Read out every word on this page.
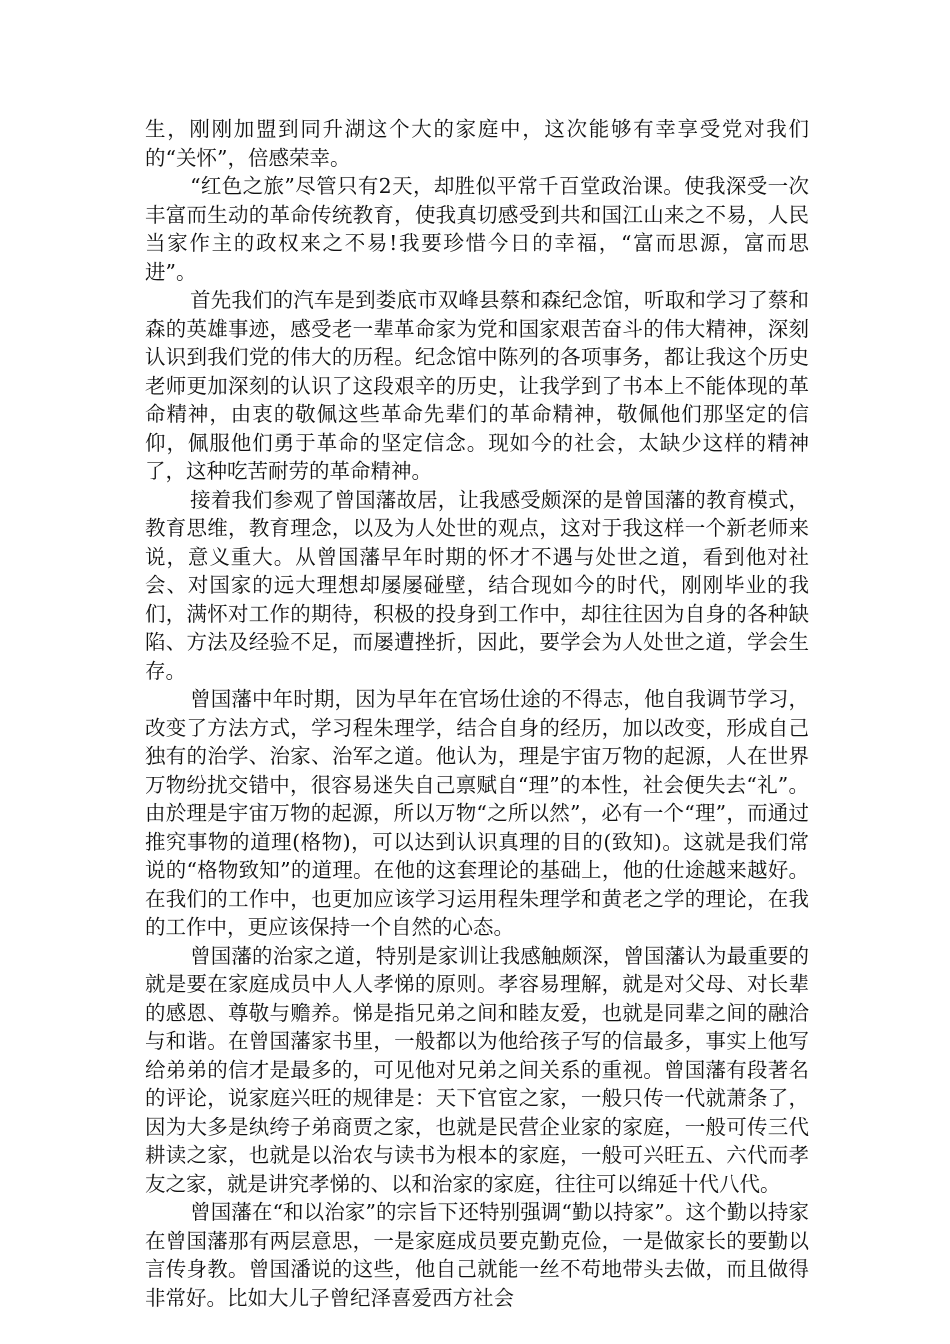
生，刚刚加盟到同升湖这个大的家庭中，这次能够有幸享受党对我们的“关怀”，倍感荣幸。

“红色之旅”尽管只有2天，却胜似平常千百堂政治课。使我深受一次丰富而生动的革命传统教育，使我真切感受到共和国江山来之不易，人民当家作主的政权来之不易!我要珍惜今日的幸福，“富而思源，富而思进”。

首先我们的汽车是到娄底市双峰县蔡和森纪念馆，听取和学习了蔡和森的英雄事迹，感受老一辈革命家为党和国家艰苦奋斗的伟大精神，深刻认识到我们党的伟大的历程。纪念馆中陈列的各项事务，都让我这个历史老师更加深刻的认识了这段艰辛的历史，让我学到了书本上不能体现的革命精神，由衷的敬佩这些革命先辈们的革命精神，敬佩他们那坚定的信仰，佩服他们勇于革命的坚定信念。现如今的社会，太缺少这样的精神了，这种吃苦耐劳的革命精神。

接着我们参观了曾国藩故居，让我感受颇深的是曾国藩的教育模式，教育思维，教育理念，以及为人处世的观点，这对于我这样一个新老师来说，意义重大。从曾国藩早年时期的怀才不遇与处世之道，看到他对社会、对国家的远大理想却屡屡碰壁，结合现如今的时代，刚刚毕业的我们，满怀对工作的期待，积极的投身到工作中，却往往因为自身的各种缺陷、方法及经验不足，而屡遭挫折，因此，要学会为人处世之道，学会生存。

曾国藩中年时期，因为早年在官场仕途的不得志，他自我调节学习，改变了方法方式，学习程朱理学，结合自身的经历，加以改变，形成自己独有的治学、治家、治军之道。他认为，理是宇宙万物的起源，人在世界万物纷扰交错中，很容易迷失自己禀赋自“理”的本性，社会便失去“礼”。由於理是宇宙万物的起源，所以万物“之所以然”，必有一个“理”，而通过推究事物的道理(格物)，可以达到认识真理的目的(致知)。这就是我们常说的“格物致知”的道理。在他的这套理论的基础上，他的仕途越来越好。在我们的工作中，也更加应该学习运用程朱理学和黄老之学的理论，在我的工作中，更应该保持一个自然的心态。

曾国藩的治家之道，特别是家训让我感触颇深，曾国藩认为最重要的就是要在家庭成员中人人孝悌的原则。孝容易理解，就是对父母、对长辈的感恩、尊敬与赡养。悌是指兄弟之间和睦友爱，也就是同辈之间的融洽与和谐。在曾国藩家书里，一般都以为他给孩子写的信最多，事实上他写给弟弟的信才是最多的，可见他对兄弟之间关系的重视。曾国藩有段著名的评论，说家庭兴旺的规律是：天下官宦之家，一般只传一代就萧条了，因为大多是纨绔子弟商贾之家，也就是民营企业家的家庭，一般可传三代耕读之家，也就是以治农与读书为根本的家庭，一般可兴旺五、六代而孝友之家，就是讲究孝悌的、以和治家的家庭，往往可以绵延十代八代。

曾国藩在“和以治家”的宗旨下还特别强调“勤以持家”。这个勤以持家在曾国藩那有两层意思，一是家庭成员要克勤克俭，一是做家长的要勤以言传身教。曾国潘说的这些，他自己就能一丝不苟地带头去做，而且做得非常好。比如大儿子曾纪泽喜爱西方社会
